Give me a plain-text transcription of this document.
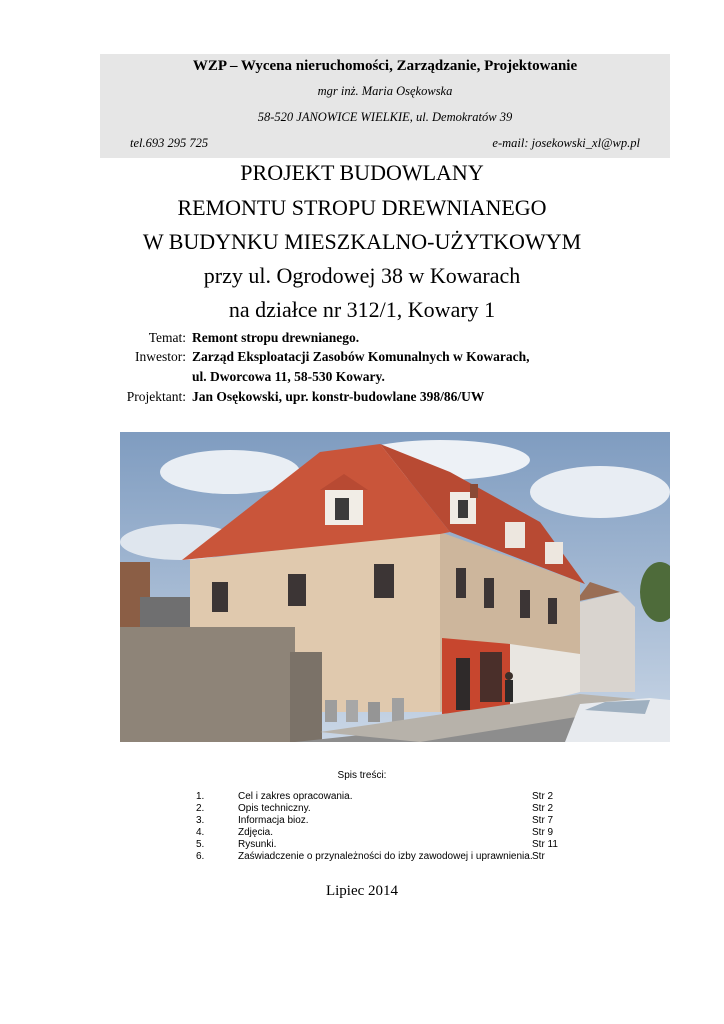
WZP – Wycena nieruchomości, Zarządzanie, Projektowanie
mgr inż. Maria Osękowska
58-520 JANOWICE WIELKIE, ul. Demokratów 39
tel.693 295 725	e-mail: josekowski_xl@wp.pl
PROJEKT BUDOWLANY
REMONTU STROPU DREWNIANEGO
W BUDYNKU MIESZKALNO-UŻYTKOWYM
przy ul. Ogrodowej 38 w Kowarach
na działce nr 312/1, Kowary 1
Temat: Remont stropu drewnianego.
Inwestor: Zarząd Eksploatacji Zasobów Komunalnych w Kowarach,
ul. Dworcowa 11, 58-530 Kowary.
Projektant: Jan Osękowski, upr. konstr-budowlane 398/86/UW
Spis treści:
1.	Cel i zakres opracowania.	Str 2
2.	Opis techniczny.	Str 2
3.	Informacja bioz.	Str 7
4.	Zdjęcia.	Str 9
5.	Rysunki.	Str 11
6.	Zaświadczenie o przynależności do izby zawodowej i uprawnienia. Str
Lipiec 2014
